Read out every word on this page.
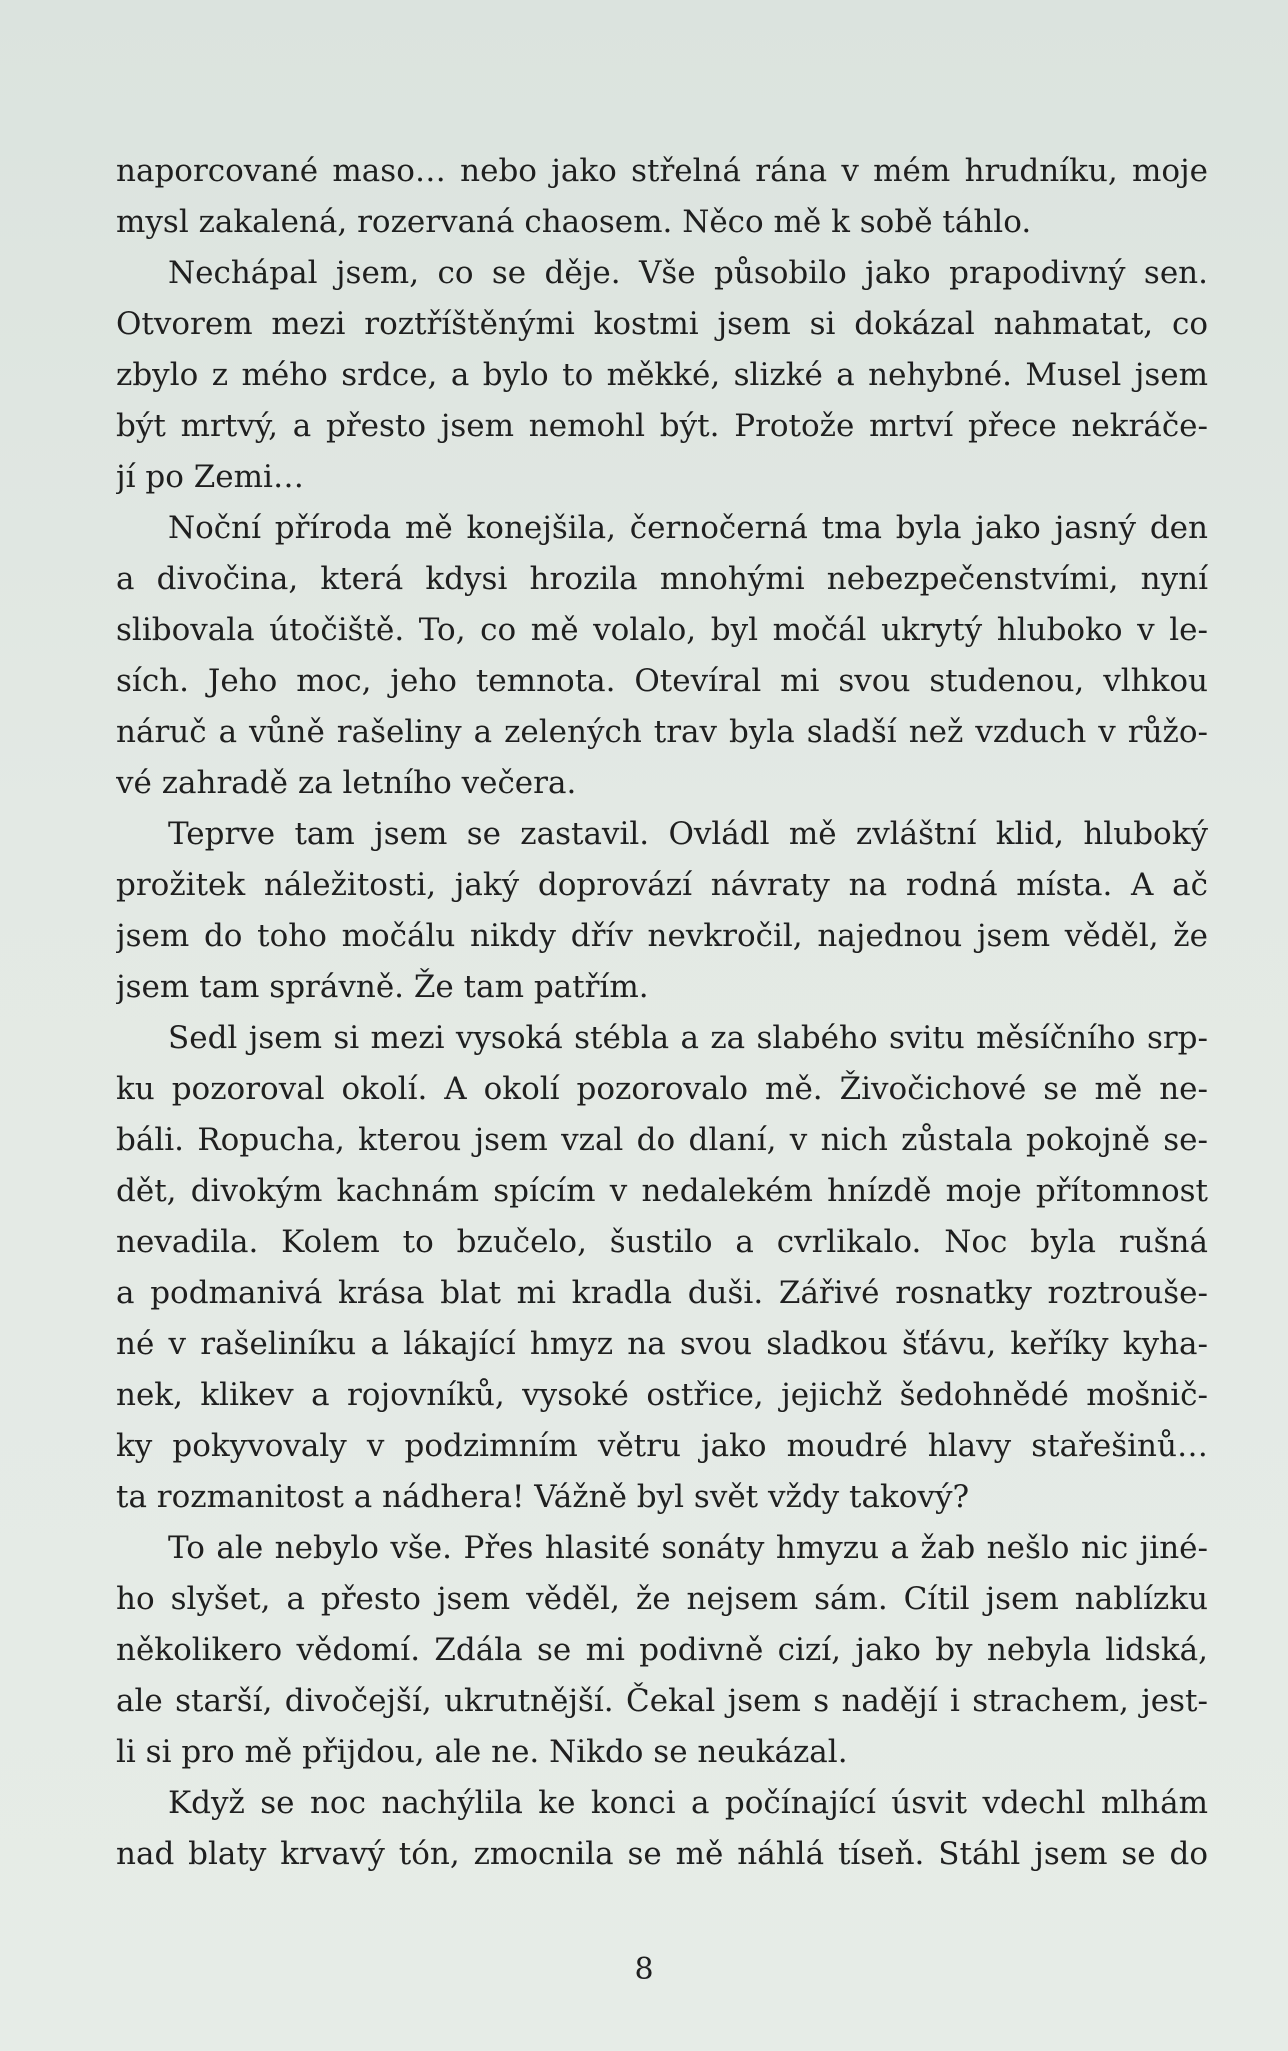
naporcované maso… nebo jako střelná rána v mém hrudníku, moje
mysl zakalená, rozervaná chaosem. Něco mě k sobě táhlo.
Nechápal jsem, co se děje. Vše působilo jako prapodivný sen.
Otvorem mezi roztříštěnými kostmi jsem si dokázal nahmatat, co
zbylo z mého srdce, a bylo to měkké, slizké a nehybné. Musel jsem
být mrtvý, a přesto jsem nemohl být. Protože mrtví přece nekráče-
jí po Zemi…
Noční příroda mě konejšila, černočerná tma byla jako jasný den
a divočina, která kdysi hrozila mnohými nebezpečenstvími, nyní
slibovala útočiště. To, co mě volalo, byl močál ukrytý hluboko v le-
sích. Jeho moc, jeho temnota. Otevíral mi svou studenou, vlhkou
náruč a vůně rašeliny a zelených trav byla sladší než vzduch v růžo-
vé zahradě za letního večera.
Teprve tam jsem se zastavil. Ovládl mě zvláštní klid, hluboký
prožitek náležitosti, jaký doprovází návraty na rodná místa. A ač
jsem do toho močálu nikdy dřív nevkročil, najednou jsem věděl, že
jsem tam správně. Že tam patřím.
Sedl jsem si mezi vysoká stébla a za slabého svitu měsíčního srp-
ku pozoroval okolí. A okolí pozorovalo mě. Živočichové se mě ne-
báli. Ropucha, kterou jsem vzal do dlaní, v nich zůstala pokojně se-
dět, divokým kachnám spícím v nedalekém hnízdě moje přítomnost
nevadila. Kolem to bzučelo, šustilo a cvrlikalo. Noc byla rušná
a podmanivá krása blat mi kradla duši. Zářivé rosnatky roztrouše-
né v rašeliníku a lákající hmyz na svou sladkou šťávu, keříky kyha-
nek, klikev a rojovníků, vysoké ostřice, jejichž šedohnědé mošnič-
ky pokyvovaly v podzimním větru jako moudré hlavy stařešinů…
ta rozmanitost a nádhera! Vážně byl svět vždy takový?
To ale nebylo vše. Přes hlasité sonáty hmyzu a žab nešlo nic jiné-
ho slyšet, a přesto jsem věděl, že nejsem sám. Cítil jsem nablízku
několikero vědomí. Zdála se mi podivně cizí, jako by nebyla lidská,
ale starší, divočejší, ukrutnější. Čekal jsem s nadějí i strachem, jest-
li si pro mě přijdou, ale ne. Nikdo se neukázal.
Když se noc nachýlila ke konci a počínající úsvit vdechl mlhám
nad blaty krvavý tón, zmocnila se mě náhlá tíseň. Stáhl jsem se do
8
